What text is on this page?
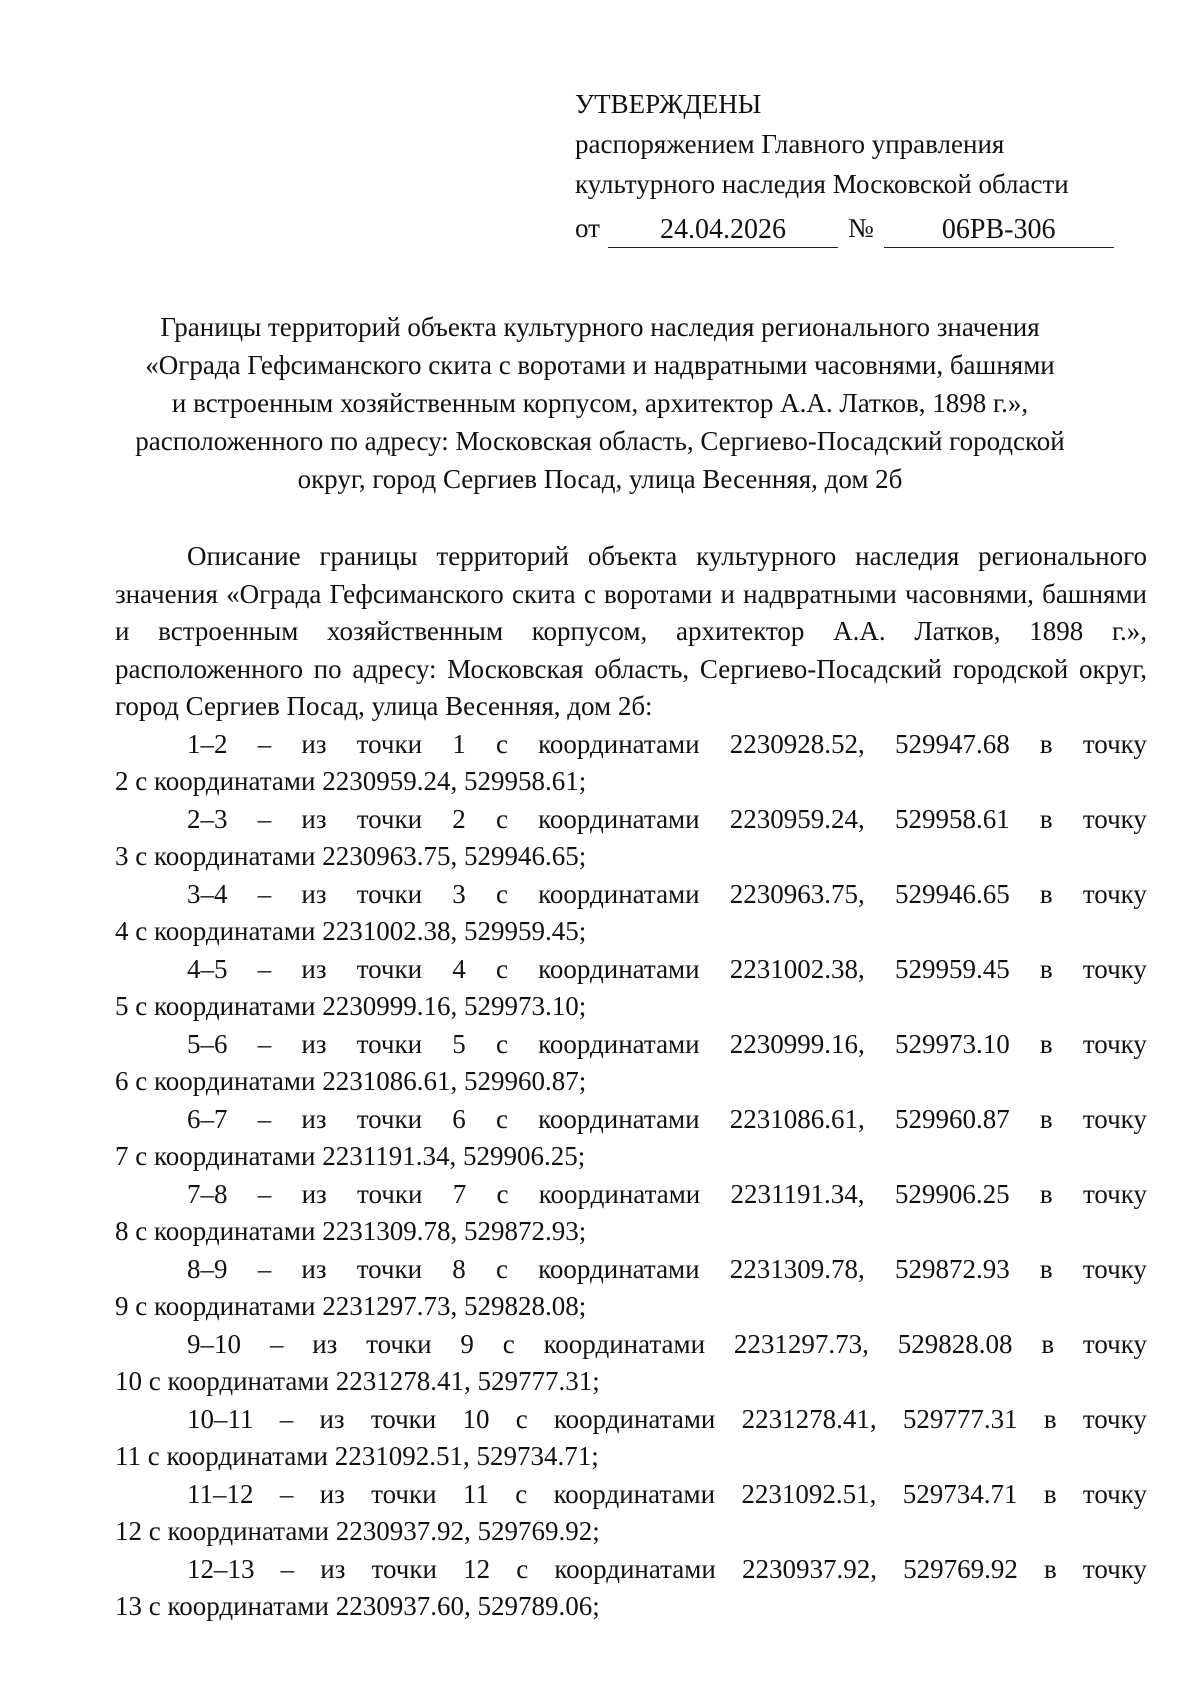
УТВЕРЖДЕНЫ
распоряжением Главного управления
культурного наследия Московской области
от	24.04.2026	№	06РВ-306
Границы территорий объекта культурного наследия регионального значения
«Ограда Гефсиманского скита с воротами и надвратными часовнями, башнями
и встроенным хозяйственным корпусом, архитектор А.А. Латков, 1898 г.»,
расположенного по адресу: Московская область, Сергиево-Посадский городской
округ, город Сергиев Посад, улица Весенняя, дом 2б

Описание границы территорий объекта культурного наследия регионального значения «Ограда Гефсиманского скита с воротами и надвратными часовнями, башнями и встроенным хозяйственным корпусом, архитектор А.А. Латков, 1898 г.», расположенного по адресу: Московская область, Сергиево-Посадский городской округ, город Сергиев Посад, улица Весенняя, дом 2б:

1–2 – из точки 1 с координатами 2230928.52, 529947.68 в точку
2 с координатами 2230959.24, 529958.61;
2–3 – из точки 2 с координатами 2230959.24, 529958.61 в точку
3 с координатами 2230963.75, 529946.65;
3–4 – из точки 3 с координатами 2230963.75, 529946.65 в точку
4 с координатами 2231002.38, 529959.45;
4–5 – из точки 4 с координатами 2231002.38, 529959.45 в точку
5 с координатами 2230999.16, 529973.10;
5–6 – из точки 5 с координатами 2230999.16, 529973.10 в точку
6 с координатами 2231086.61, 529960.87;
6–7 – из точки 6 с координатами 2231086.61, 529960.87 в точку
7 с координатами 2231191.34, 529906.25;
7–8 – из точки 7 с координатами 2231191.34, 529906.25 в точку
8 с координатами 2231309.78, 529872.93;
8–9 – из точки 8 с координатами 2231309.78, 529872.93 в точку
9 с координатами 2231297.73, 529828.08;
9–10 – из точки 9 с координатами 2231297.73, 529828.08 в точку
10 с координатами 2231278.41, 529777.31;
10–11 – из точки 10 с координатами 2231278.41, 529777.31 в точку
11 с координатами 2231092.51, 529734.71;
11–12 – из точки 11 с координатами 2231092.51, 529734.71 в точку
12 с координатами 2230937.92, 529769.92;
12–13 – из точки 12 с координатами 2230937.92, 529769.92 в точку
13 с координатами 2230937.60, 529789.06;
